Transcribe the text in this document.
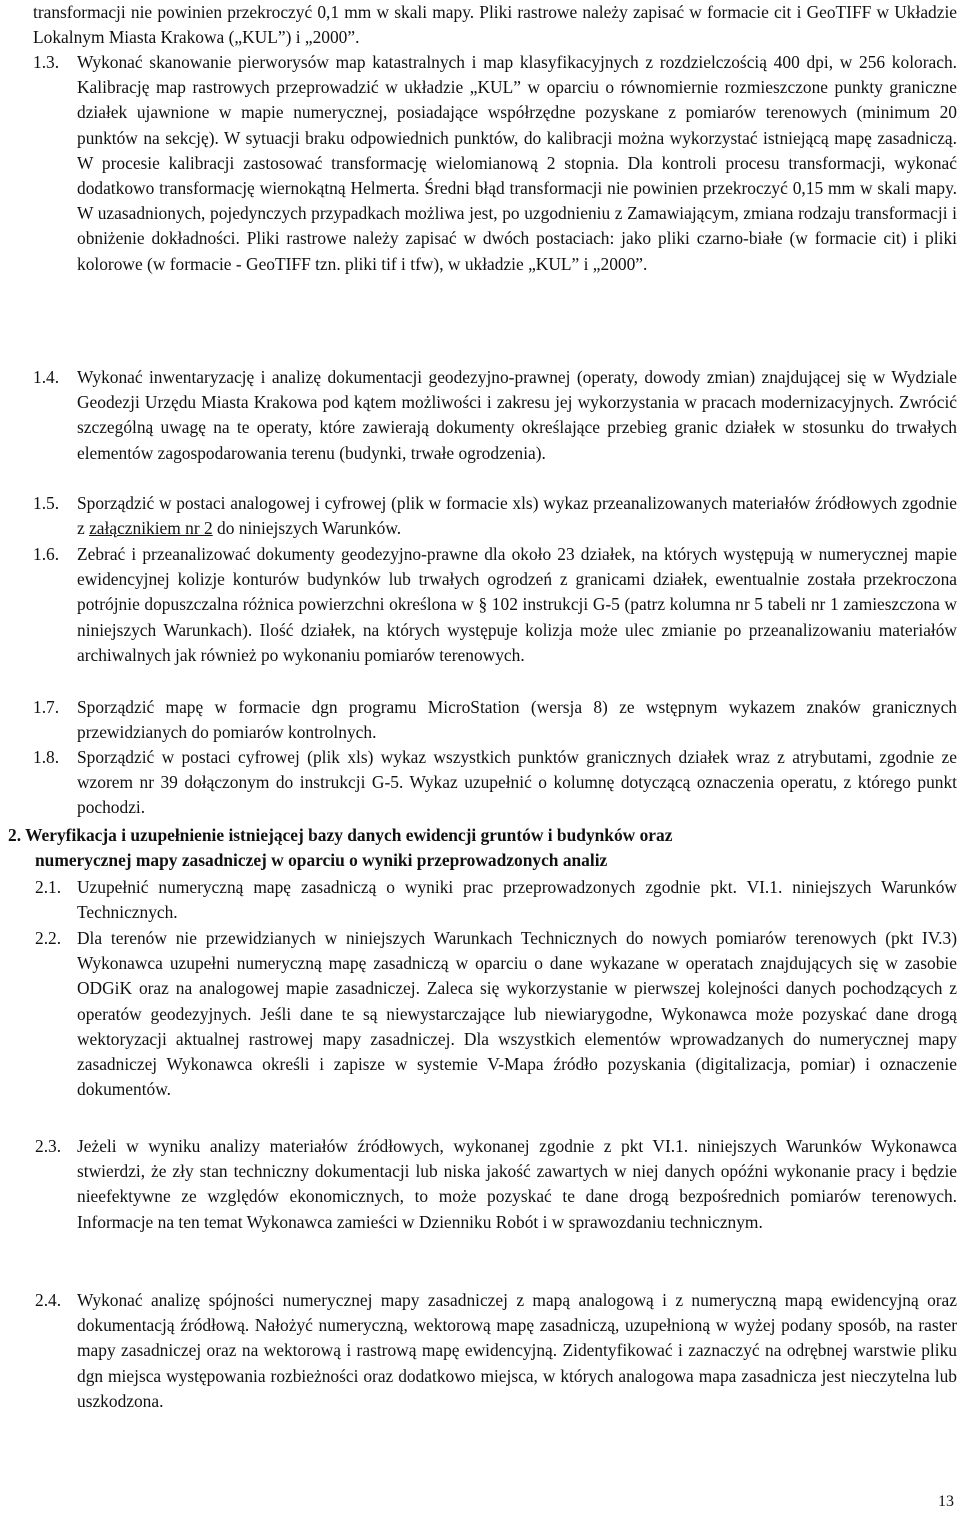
transformacji nie powinien przekroczyć 0,1 mm w skali mapy. Pliki rastrowe należy zapisać w formacie cit i GeoTIFF w Układzie Lokalnym Miasta Krakowa („KUL”) i „2000”.

1.3. Wykonać skanowanie pierworysów map katastralnych i map klasyfikacyjnych z rozdzielczością 400 dpi, w 256 kolorach. Kalibrację map rastrowych przeprowadzić w układzie „KUL” w oparciu o równomiernie rozmieszczone punkty graniczne działek ujawnione w mapie numerycznej, posiadające współrzędne pozyskane z pomiarów terenowych (minimum 20 punktów na sekcję). W sytuacji braku odpowiednich punktów, do kalibracji można wykorzystać istniejącą mapę zasadniczą. W procesie kalibracji zastosować transformację wielomianową 2 stopnia. Dla kontroli procesu transformacji, wykonać dodatkowo transformację wiernokątną Helmerta. Średni błąd transformacji nie powinien przekroczyć 0,15 mm w skali mapy. W uzasadnionych, pojedynczych przypadkach możliwa jest, po uzgodnieniu z Zamawiającym, zmiana rodzaju transformacji i obniżenie dokładności. Pliki rastrowe należy zapisać w dwóch postaciach: jako pliki czarno-białe (w formacie cit) i pliki kolorowe (w formacie - GeoTIFF tzn. pliki tif i tfw), w układzie „KUL” i „2000”.

1.4. Wykonać inwentaryzację i analizę dokumentacji geodezyjno-prawnej (operaty, dowody zmian) znajdującej się w Wydziale Geodezji Urzędu Miasta Krakowa pod kątem możliwości i zakresu jej wykorzystania w pracach modernizacyjnych. Zwrócić szczególną uwagę na te operaty, które zawierają dokumenty określające przebieg granic działek w stosunku do trwałych elementów zagospodarowania terenu (budynki, trwałe ogrodzenia).

1.5. Sporządzić w postaci analogowej i cyfrowej (plik w formacie xls) wykaz przeanalizowanych materiałów źródłowych zgodnie z załącznikiem nr 2 do niniejszych Warunków.

1.6. Zebrać i przeanalizować dokumenty geodezyjno-prawne dla około 23 działek, na których występują w numerycznej mapie ewidencyjnej kolizje konturów budynków lub trwałych ogrodzeń z granicami działek, ewentualnie została przekroczona potrójnie dopuszczalna różnica powierzchni określona w § 102 instrukcji G-5 (patrz kolumna nr 5 tabeli nr 1 zamieszczona w niniejszych Warunkach). Ilość działek, na których występuje kolizja może ulec zmianie po przeanalizowaniu materiałów archiwalnych jak również po wykonaniu pomiarów terenowych.

1.7. Sporządzić mapę w formacie dgn programu MicroStation (wersja 8) ze wstępnym wykazem znaków granicznych przewidzianych do pomiarów kontrolnych.

1.8. Sporządzić w postaci cyfrowej (plik xls) wykaz wszystkich punktów granicznych działek wraz z atrybutami, zgodnie ze wzorem nr 39 dołączonym do instrukcji G-5. Wykaz uzupełnić o kolumnę dotyczącą oznaczenia operatu, z którego punkt pochodzi.

2. Weryfikacja i uzupełnienie istniejącej bazy danych ewidencji gruntów i budynków oraz
numerycznej mapy zasadniczej w oparciu o wyniki przeprowadzonych analiz
2.1. Uzupełnić numeryczną mapę zasadniczą o wyniki prac przeprowadzonych zgodnie pkt. VI.1. niniejszych Warunków Technicznych.

2.2. Dla terenów nie przewidzianych w niniejszych Warunkach Technicznych do nowych pomiarów terenowych (pkt IV.3) Wykonawca uzupełni numeryczną mapę zasadniczą w oparciu o dane wykazane w operatach znajdujących się w zasobie ODGiK oraz na analogowej mapie zasadniczej. Zaleca się wykorzystanie w pierwszej kolejności danych pochodzących z operatów geodezyjnych. Jeśli dane te są niewystarczające lub niewiarygodne, Wykonawca może pozyskać dane drogą wektoryzacji aktualnej rastrowej mapy zasadniczej. Dla wszystkich elementów wprowadzanych do numerycznej mapy zasadniczej Wykonawca określi i zapisze w systemie V-Mapa źródło pozyskania (digitalizacja, pomiar) i oznaczenie dokumentów.

2.3. Jeżeli w wyniku analizy materiałów źródłowych, wykonanej zgodnie z pkt VI.1. niniejszych Warunków Wykonawca stwierdzi, że zły stan techniczny dokumentacji lub niska jakość zawartych w niej danych opóźni wykonanie pracy i będzie nieefektywne ze względów ekonomicznych, to może pozyskać te dane drogą bezpośrednich pomiarów terenowych. Informacje na ten temat Wykonawca zamieści w Dzienniku Robót i w sprawozdaniu technicznym.

2.4. Wykonać analizę spójności numerycznej mapy zasadniczej z mapą analogową i z numeryczną mapą ewidencyjną oraz dokumentacją źródłową. Nałożyć numeryczną, wektorową mapę zasadniczą, uzupełnioną w wyżej podany sposób, na raster mapy zasadniczej oraz na wektorową i rastrową mapę ewidencyjną. Zidentyfikować i zaznaczyć na odrębnej warstwie pliku dgn miejsca występowania rozbieżności oraz dodatkowo miejsca, w których analogowa mapa zasadnicza jest nieczytelna lub uszkodzona.

13
